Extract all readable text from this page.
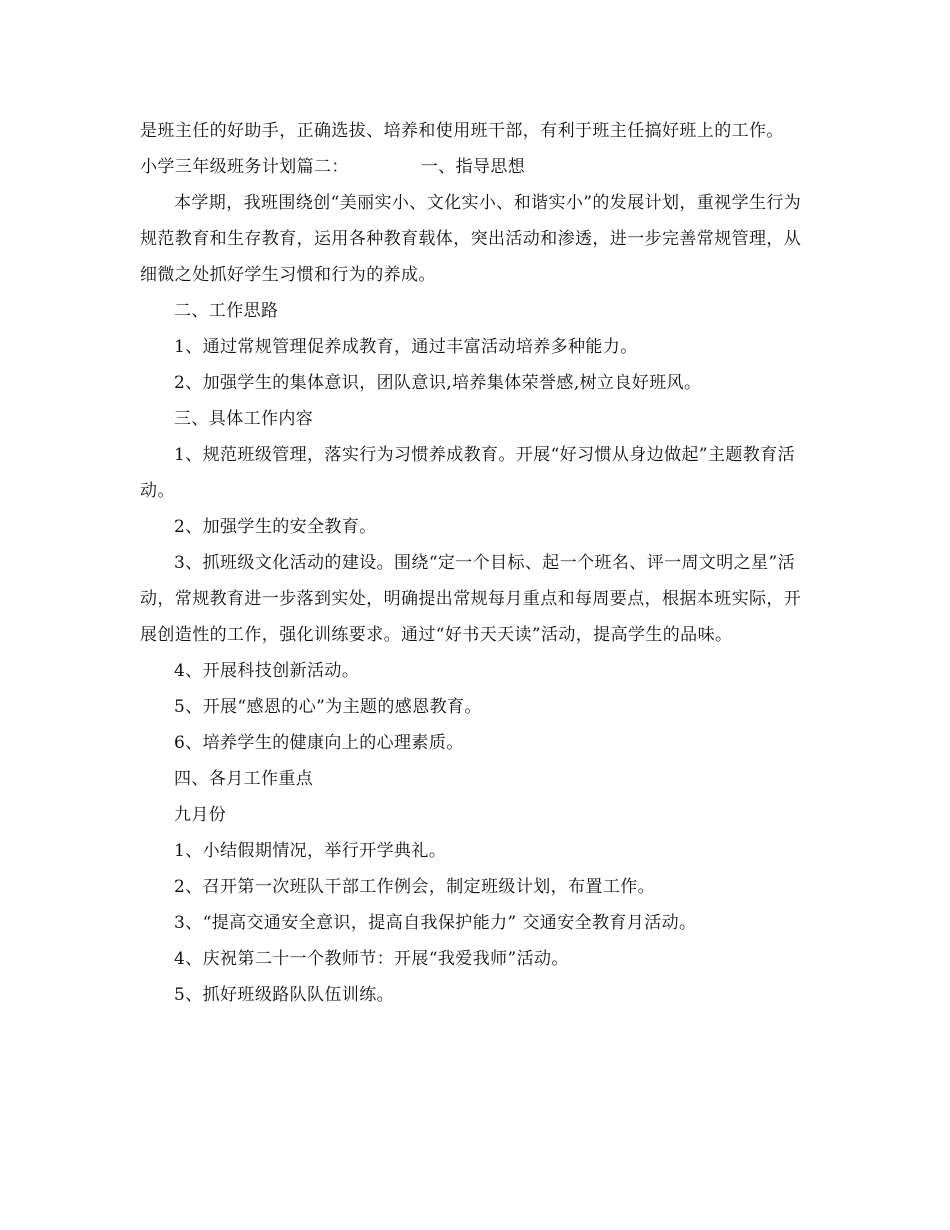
是班主任的好助手，正确选拔、培养和使用班干部，有利于班主任搞好班上的工作。

小学三年级班务计划篇二：	一、指导思想

本学期，我班围绕创“美丽实小、文化实小、和谐实小”的发展计划，重视学生行为规范教育和生存教育，运用各种教育载体，突出活动和渗透，进一步完善常规管理，从细微之处抓好学生习惯和行为的养成。

二、工作思路

1、通过常规管理促养成教育，通过丰富活动培养多种能力。

2、加强学生的集体意识，团队意识,培养集体荣誉感,树立良好班风。

三、具体工作内容

1、规范班级管理，落实行为习惯养成教育。开展“好习惯从身边做起”主题教育活动。

2、加强学生的安全教育。

3、抓班级文化活动的建设。围绕“定一个目标、起一个班名、评一周文明之星”活动，常规教育进一步落到实处，明确提出常规每月重点和每周要点，根据本班实际，开展创造性的工作，强化训练要求。通过“好书天天读”活动，提高学生的品味。

4、开展科技创新活动。

5、开展“感恩的心”为主题的感恩教育。

6、培养学生的健康向上的心理素质。

四、各月工作重点

九月份

1、小结假期情况，举行开学典礼。

2、召开第一次班队干部工作例会，制定班级计划，布置工作。

3、“提高交通安全意识，提高自我保护能力” 交通安全教育月活动。

4、庆祝第二十一个教师节：开展“我爱我师”活动。

5、抓好班级路队队伍训练。
